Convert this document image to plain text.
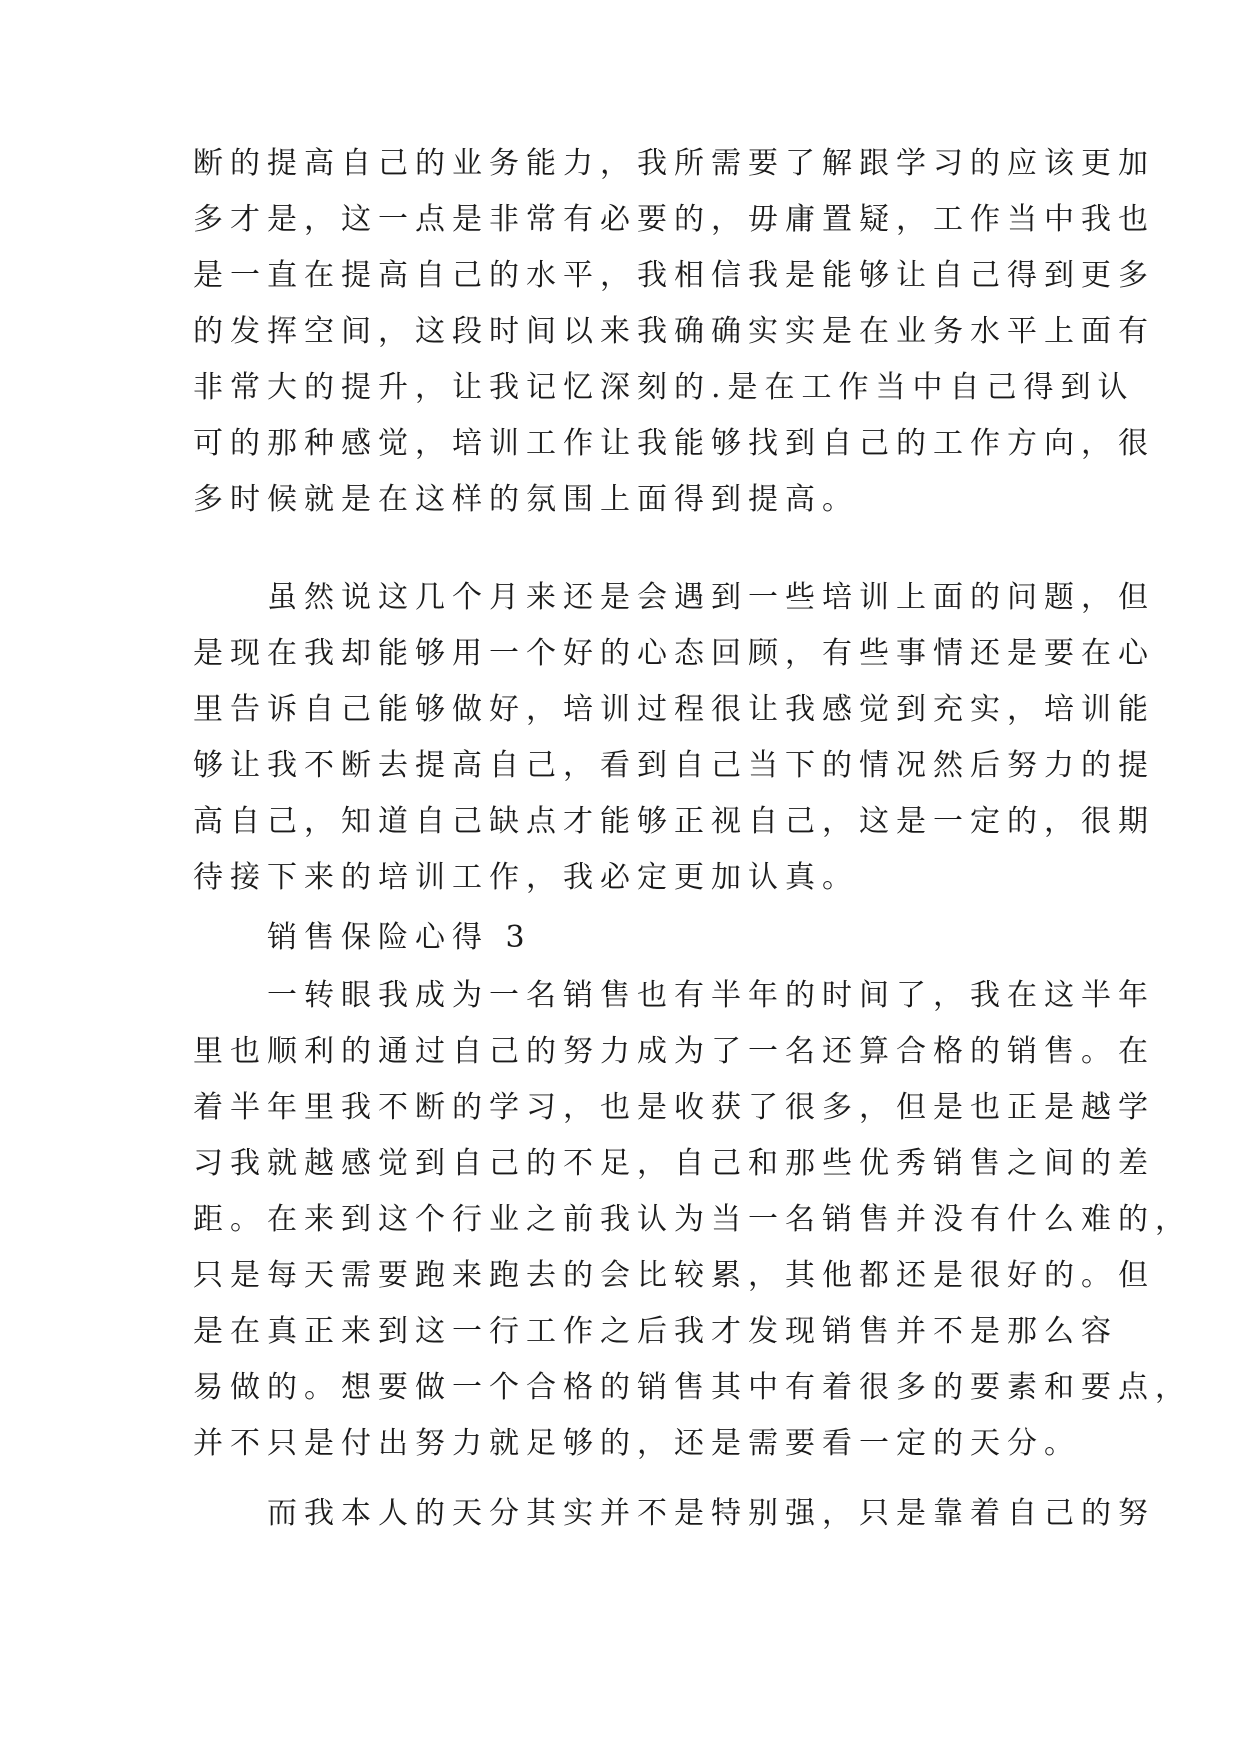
断的提高自己的业务能力，我所需要了解跟学习的应该更加
多才是，这一点是非常有必要的，毋庸置疑，工作当中我也
是一直在提高自己的水平，我相信我是能够让自己得到更多
的发挥空间，这段时间以来我确确实实是在业务水平上面有
非常大的提升，让我记忆深刻的.是在工作当中自己得到认
可的那种感觉，培训工作让我能够找到自己的工作方向，很
多时候就是在这样的氛围上面得到提高。
　　虽然说这几个月来还是会遇到一些培训上面的问题，但
是现在我却能够用一个好的心态回顾，有些事情还是要在心
里告诉自己能够做好，培训过程很让我感觉到充实，培训能
够让我不断去提高自己，看到自己当下的情况然后努力的提
高自己，知道自己缺点才能够正视自己，这是一定的，很期
待接下来的培训工作，我必定更加认真。
　　销售保险心得 3
　　一转眼我成为一名销售也有半年的时间了，我在这半年
里也顺利的通过自己的努力成为了一名还算合格的销售。在
着半年里我不断的学习，也是收获了很多，但是也正是越学
习我就越感觉到自己的不足，自己和那些优秀销售之间的差
距。在来到这个行业之前我认为当一名销售并没有什么难的，
只是每天需要跑来跑去的会比较累，其他都还是很好的。但
是在真正来到这一行工作之后我才发现销售并不是那么容
易做的。想要做一个合格的销售其中有着很多的要素和要点，
并不只是付出努力就足够的，还是需要看一定的天分。
　　而我本人的天分其实并不是特别强，只是靠着自己的努
